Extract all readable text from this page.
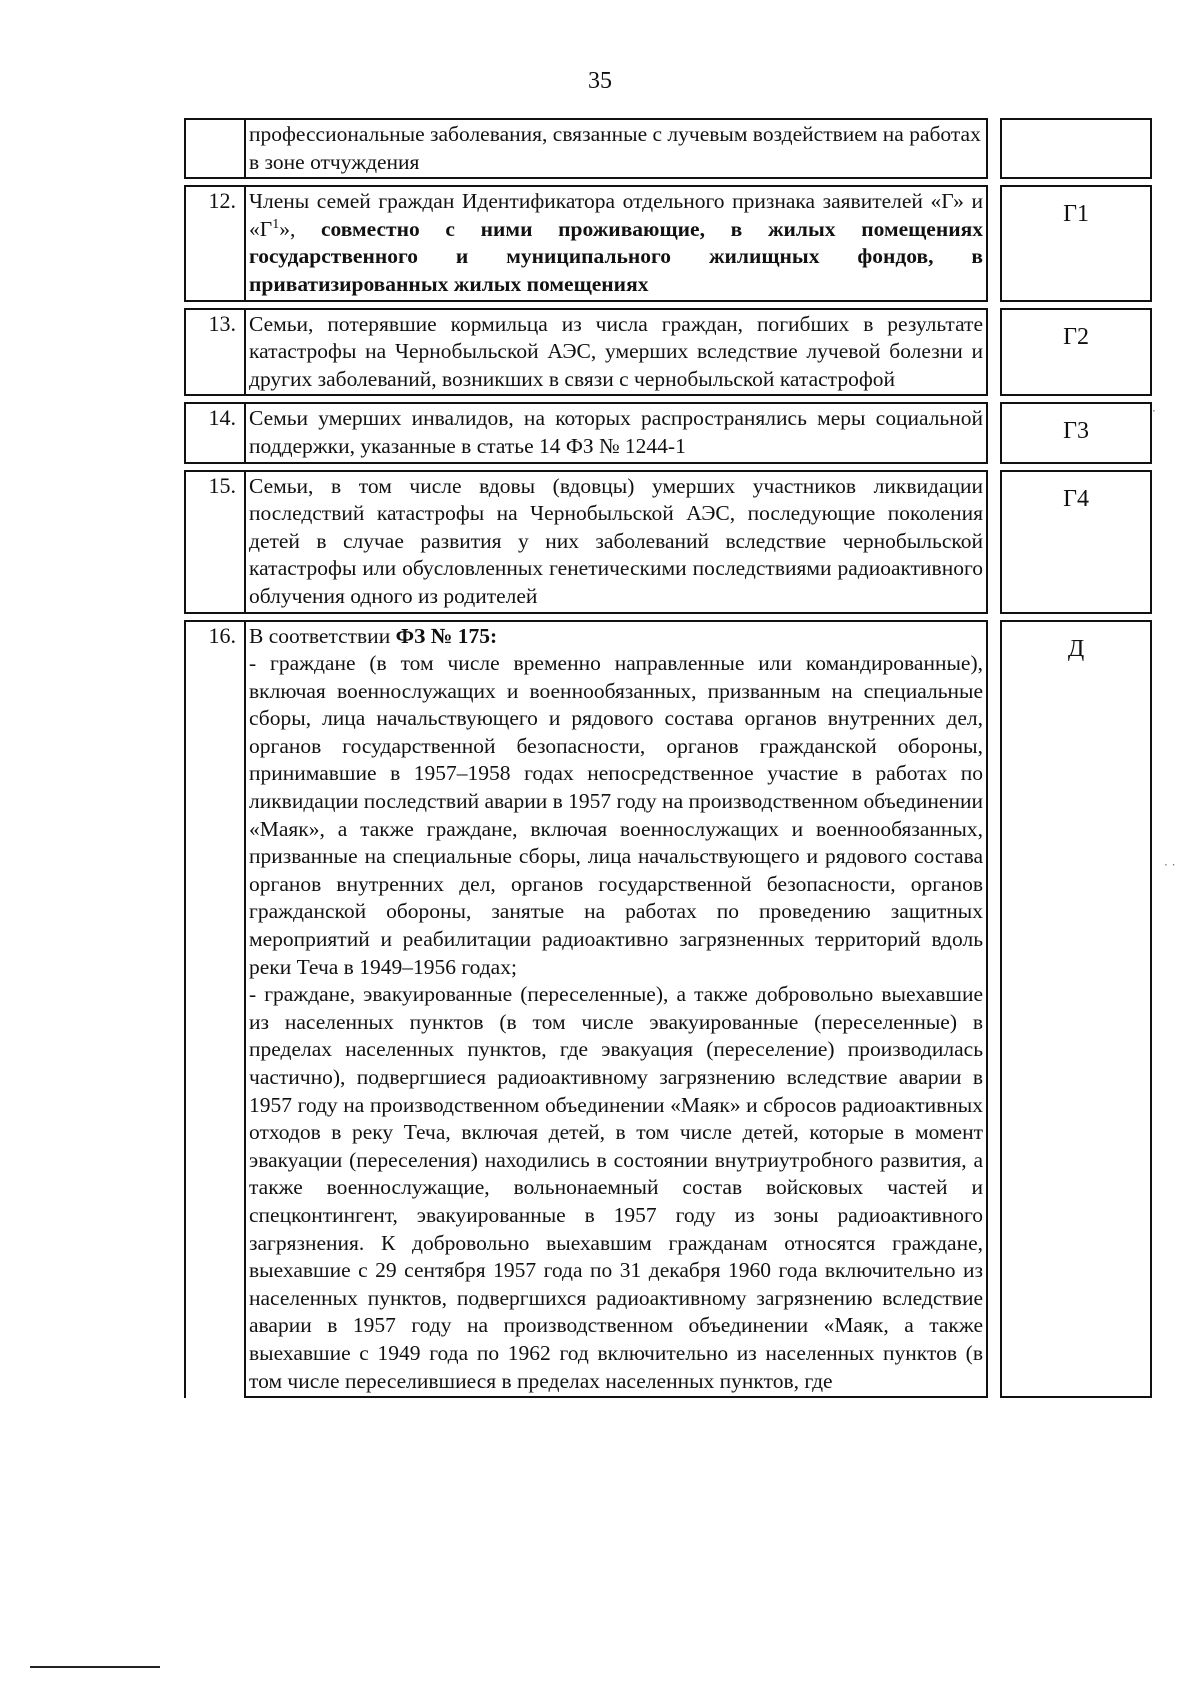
35
		профессиональные заболевания, связанные с лучевым воздействием на работах в зоне отчуждения		

12.		Члены семей граждан Идентификатора отдельного признака заявителей «Г» и «$Г^1$», совместно с ними проживающие, в жилых помещениях государственного и муниципального жилищных фондов, в приватизированных жилых помещениях		Г1

13.		Семьи, потерявшие кормильца из числа граждан, погибших в результате катастрофы на Чернобыльской АЭС, умерших вследствие лучевой болезни и других заболеваний, возникших в связи с чернобыльской катастрофой		Г2

14.		Семьи умерших инвалидов, на которых распространялись меры социальной поддержки, указанные в статье 14 ФЗ № 1244-1		Г3

15.		Семьи, в том числе вдовы (вдовцы) умерших участников ликвидации последствий катастрофы на Чернобыльской АЭС, последующие поколения детей в случае развития у них заболеваний вследствие чернобыльской катастрофы или обусловленных генетическими последствиями радиоактивного облучения одного из родителей		Г4

16.		В соответствии ФЗ № 175:
- граждане (в том числе временно направленные или командированные), включая военнослужащих и военнообязанных, призванным на специальные сборы, лица начальствующего и рядового состава органов внутренних дел, органов государственной безопасности, органов гражданской обороны, принимавшие в 1957–1958 годах непосредственное участие в работах по ликвидации последствий аварии в 1957 году на производственном объединении «Маяк», а также граждане, включая военнослужащих и военнообязанных, призванные на специальные сборы, лица начальствующего и рядового состава органов внутренних дел, органов государственной безопасности, органов гражданской обороны, занятые на работах по проведению защитных мероприятий и реабилитации радиоактивно загрязненных территорий вдоль реки Теча в 1949–1956 годах;
- граждане, эвакуированные (переселенные), а также добровольно выехавшие из населенных пунктов (в том числе эвакуированные (переселенные) в пределах населенных пунктов, где эвакуация (переселение) производилась частично), подвергшиеся радиоактивному загрязнению вследствие аварии в 1957 году на производственном объединении «Маяк» и сбросов радиоактивных отходов в реку Теча, включая детей, в том числе детей, которые в момент эвакуации (переселения) находились в состоянии внутриутробного развития, а также военнослужащие, вольнонаемный состав войсковых частей и спецконтингент, эвакуированные в 1957 году из зоны радиоактивного загрязнения. К добровольно выехавшим гражданам относятся граждане, выехавшие с 29 сентября 1957 года по 31 декабря 1960 года включительно из населенных пунктов, подвергшихся радиоактивному загрязнению вследствие аварии в 1957 году на производственном объединении «Маяк, а также выехавшие с 1949 года по 1962 год включительно из населенных пунктов (в том числе переселившиеся в пределах населенных пунктов, где		Д
·
· ·
